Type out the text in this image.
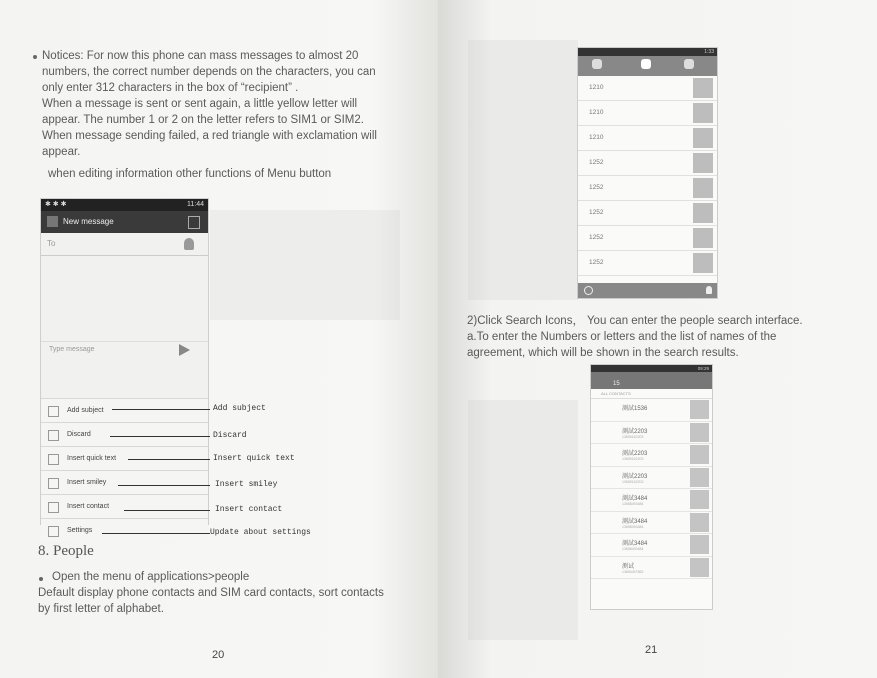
Notices: For now this phone can mass messages to almost 20

numbers, the correct number depends on the characters, you can

only enter 312 characters in the box of “recipient” .

When a message is sent or sent again, a little yellow letter will

appear. The number 1 or 2 on the letter refers to SIM1 or SIM2.

When message sending failed, a red triangle with exclamation will

appear.

when editing information other functions of Menu button
✱ ✱ ✱	11:44
New message
To
Type message
Add subject
Discard
Insert quick text
Insert smiley
Insert contact
Settings
Add subject
Discard
Insert quick text
Insert smiley
Insert contact
Update about settings
8. People
Open the menu of applications>people
Default display phone contacts and SIM card contacts, sort contacts
by first letter of alphabet.
20
1:33
1210
1210
1210
1252
1252
1252
1252
1252

2)Click Search Icons， You can enter the people search interface.

a.To enter the Numbers or letters and the list of names of the

agreement, which will be shown in the search results.

09:29
15
ALL CONTACTS
測試1536
測試2203
13659162203
測試2203
13659162203
測試2203
13659162203
測試3484
13658493484
測試3484
13658493484
測試3484
13658493484
测试
13654457852
21
